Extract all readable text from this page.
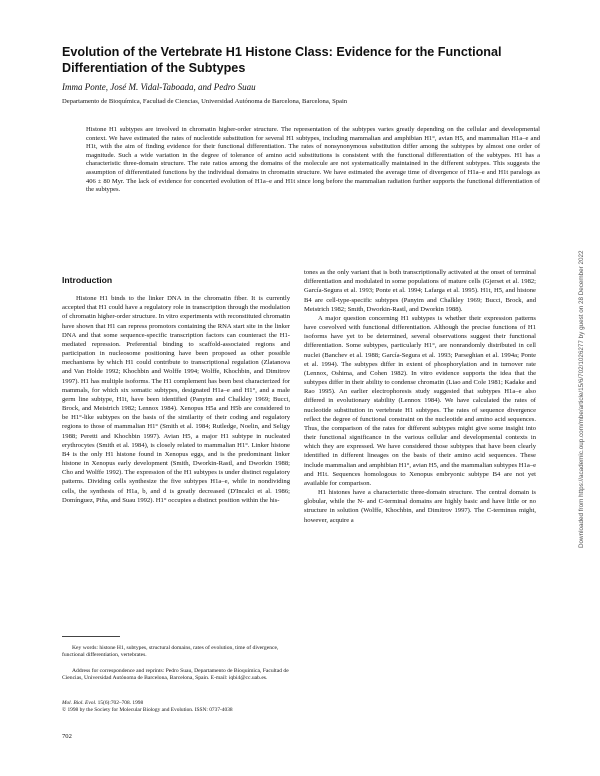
Evolution of the Vertebrate H1 Histone Class: Evidence for the Functional Differentiation of the Subtypes

Imma Ponte, José M. Vidal-Taboada, and Pedro Suau

Departamento de Bioquímica, Facultad de Ciencias, Universidad Autónoma de Barcelona, Barcelona, Spain

Histone H1 subtypes are involved in chromatin higher-order structure. The representation of the subtypes varies greatly depending on the cellular and developmental context. We have estimated the rates of nucleotide substitution for several H1 subtypes, including mammalian and amphibian H1°, avian H5, and mammalian H1a–e and H1t, with the aim of finding evidence for their functional differentiation. The rates of nonsynonymous substitution differ among the subtypes by almost one order of magnitude. Such a wide variation in the degree of tolerance of amino acid substitutions is consistent with the functional differentiation of the subtypes. H1 has a characteristic three-domain structure. The rate ratios among the domains of the molecule are not systematically maintained in the different subtypes. This suggests the assumption of differentiated functions by the individual domains in chromatin structure. We have estimated the average time of divergence of H1a–e and H1t paralogs as 406 ± 80 Myr. The lack of evidence for concerted evolution of H1a–e and H1t since long before the mammalian radiation further supports the functional differentiation of the subtypes.

Introduction

Histone H1 binds to the linker DNA in the chromatin fiber. It is currently accepted that H1 could have a regulatory role in transcription through the modulation of chromatin higher-order structure. In vitro experiments with reconstituted chromatin have shown that H1 can repress promotors containing the RNA start site in the linker DNA and that some sequence-specific transcription factors can counteract the H1-mediated repression. Preferential binding to scaffold-associated regions and participation in nucleosome positioning have been proposed as other possible mechanisms by which H1 could contribute to transcriptional regulation (Zlatanova and Van Holde 1992; Khochbin and Wolffe 1994; Wolffe, Khochbin, and Dimitrov 1997). H1 has multiple isoforms. The H1 complement has been best characterized for mammals, for which six somatic subtypes, designated H1a–e and H1°, and a male germ line subtype, H1t, have been identified (Panyim and Chalkley 1969; Bucci, Brock, and Meistrich 1982; Lennox 1984). Xenopus H5a and H5b are considered to be H1°-like subtypes on the basis of the similarity of their coding and regulatory regions to those of mammalian H1° (Smith et al. 1984; Rutledge, Noelin, and Seligy 1988; Peretti and Khochbin 1997). Avian H5, a major H1 subtype in nucleated erythrocytes (Smith et al. 1984), is closely related to mammalian H1°. Linker histone B4 is the only H1 histone found in Xenopus eggs, and is the predominant linker histone in Xenopus early development (Smith, Dworkin-Rastl, and Dworkin 1988; Cho and Wolffe 1992). The expression of the H1 subtypes is under distinct regulatory patterns. Dividing cells synthesize the five subtypes H1a–e, while in nondividing cells, the synthesis of H1a, b, and d is greatly decreased (D'Incalci et al. 1986; Domínguez, Piña, and Suau 1992). H1° occupies a distinct position within the his-

tones as the only variant that is both transcriptionally activated at the onset of terminal differentiation and modulated in some populations of mature cells (Gjerset et al. 1982; García-Segura et al. 1993; Ponte et al. 1994; Lafarga et al. 1995). H1t, H5, and histone B4 are cell-type-specific subtypes (Panyim and Chalkley 1969; Bucci, Brock, and Meistrich 1982; Smith, Dworkin-Rastl, and Dworkin 1988).

A major question concerning H1 subtypes is whether their expression patterns have coevolved with functional differentiation. Although the precise functions of H1 isoforms have yet to be determined, several observations suggest their functional differentiation. Some subtypes, particularly H1°, are nonrandomly distributed in cell nuclei (Banchev et al. 1988; García-Segura et al. 1993; Parseghian et al. 1994a; Ponte et al. 1994). The subtypes differ in extent of phosphorylation and in turnover rate (Lennox, Oshima, and Cohen 1982). In vitro evidence supports the idea that the subtypes differ in their ability to condense chromatin (Liao and Cole 1981; Kadake and Rao 1995). An earlier electrophoresis study suggested that subtypes H1a–e also differed in evolutionary stability (Lennox 1984). We have calculated the rates of nucleotide substitution in vertebrate H1 subtypes. The rates of sequence divergence reflect the degree of functional constraint on the nucleotide and amino acid sequences. Thus, the comparison of the rates for different subtypes might give some insight into their functional significance in the various cellular and developmental contexts in which they are expressed. We have considered those subtypes that have been clearly identified in different lineages on the basis of their amino acid sequences. These include mammalian and amphibian H1°, avian H5, and the mammalian subtypes H1a–e and H1t. Sequences homologous to Xenopus embryonic subtype B4 are not yet available for comparison.

H1 histones have a characteristic three-domain structure. The central domain is globular, while the N- and C-terminal domains are highly basic and have little or no structure in solution (Wolffe, Khochbin, and Dimitrov 1997). The C-terminus might, however, acquire a

Key words: histone H1, subtypes, structural domains, rates of evolution, time of divergence, functional differentiation, vertebrates.

Address for correspondence and reprints: Pedro Suau, Departamento de Bioquímica, Facultad de Ciencias, Universidad Autónoma de Barcelona, Barcelona, Spain. E-mail: iqbi4@cc.uab.es.

Mol. Biol. Evol. 15(6):702–708. 1998
© 1998 by the Society for Molecular Biology and Evolution. ISSN: 0737-4038

702

Downloaded from https://academic.oup.com/mbe/article/15/6/702/1026277 by guest on 28 December 2022
